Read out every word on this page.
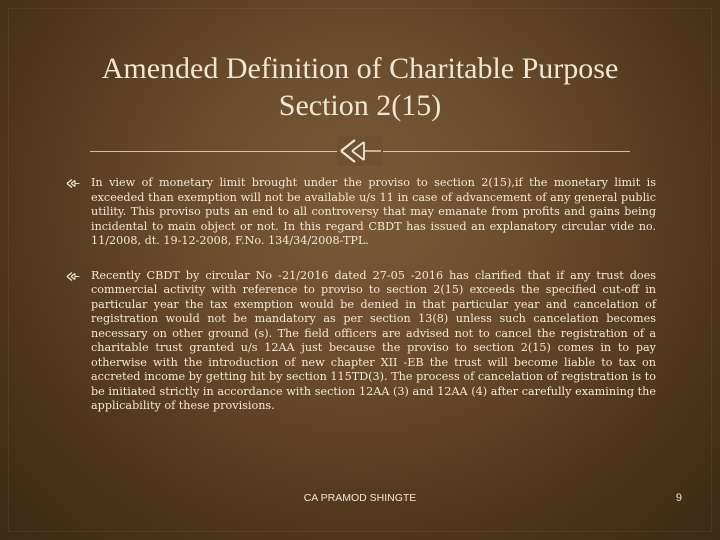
Amended Definition of Charitable Purpose Section 2(15)
In view of monetary limit brought under the proviso to section 2(15),if the monetary limit is exceeded than exemption will not be available u/s 11 in case of advancement of any general public utility. This proviso puts an end to all controversy that may emanate from profits and gains being incidental to main object or not. In this regard CBDT has issued an explanatory circular vide no. 11/2008, dt. 19-12-2008, F.No. 134/34/2008-TPL.
Recently CBDT by circular No -21/2016 dated 27-05 -2016 has clarified that if any trust does commercial activity with reference to proviso to section 2(15) exceeds the specified cut-off in particular year the tax exemption would be denied in that particular year and cancelation of registration would not be mandatory as per section 13(8) unless such cancelation becomes necessary on other ground (s). The field officers are advised not to cancel the registration of a charitable trust granted u/s 12AA just because the proviso to section 2(15) comes in to pay otherwise with the introduction of new chapter XII -EB the trust will become liable to tax on accreted income by getting hit by section 115TD(3). The process of cancelation of registration is to be initiated strictly in accordance with section 12AA (3) and 12AA (4) after carefully examining the applicability of these provisions.
CA PRAMOD SHINGTE	9
